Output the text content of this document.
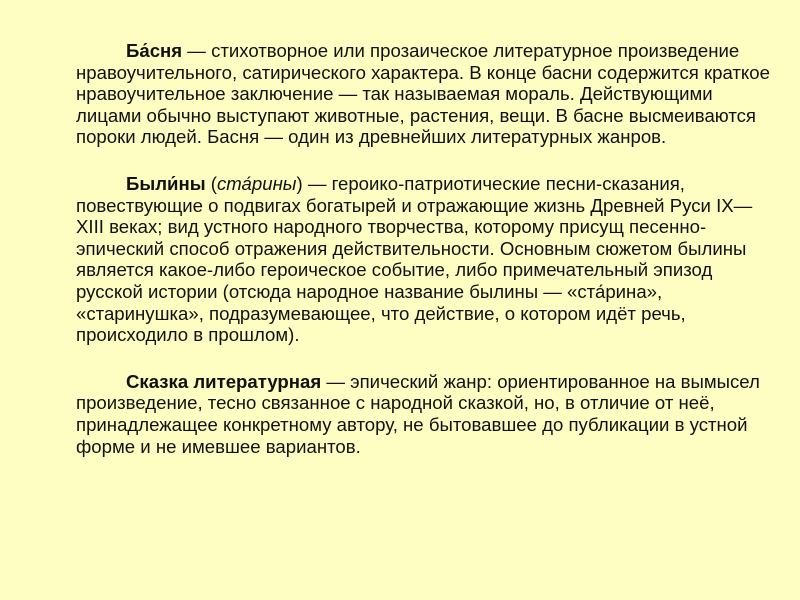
Ба́сня — стихотворное или прозаическое литературное произведение нравоучительного, сатирического характера. В конце басни содержится краткое нравоучительное заключение — так называемая мораль. Действующими лицами обычно выступают животные, растения, вещи. В басне высмеиваются пороки людей. Басня — один из древнейших литературных жанров.

Были́ны (ста́рины) — героико-патриотические песни-сказания, повествующие о подвигах богатырей и отражающие жизнь Древней Руси IX—XIII веках; вид устного народного творчества, которому присущ песенно-эпический способ отражения действительности. Основным сюжетом былины является какое-либо героическое событие, либо примечательный эпизод русской истории (отсюда народное название былины — «ста́рина», «старинушка», подразумевающее, что действие, о котором идёт речь, происходило в прошлом).

Сказка литературная — эпический жанр: ориентированное на вымысел произведение, тесно связанное с народной сказкой, но, в отличие от неё, принадлежащее конкретному автору, не бытовавшее до публикации в устной форме и не имевшее вариантов.
